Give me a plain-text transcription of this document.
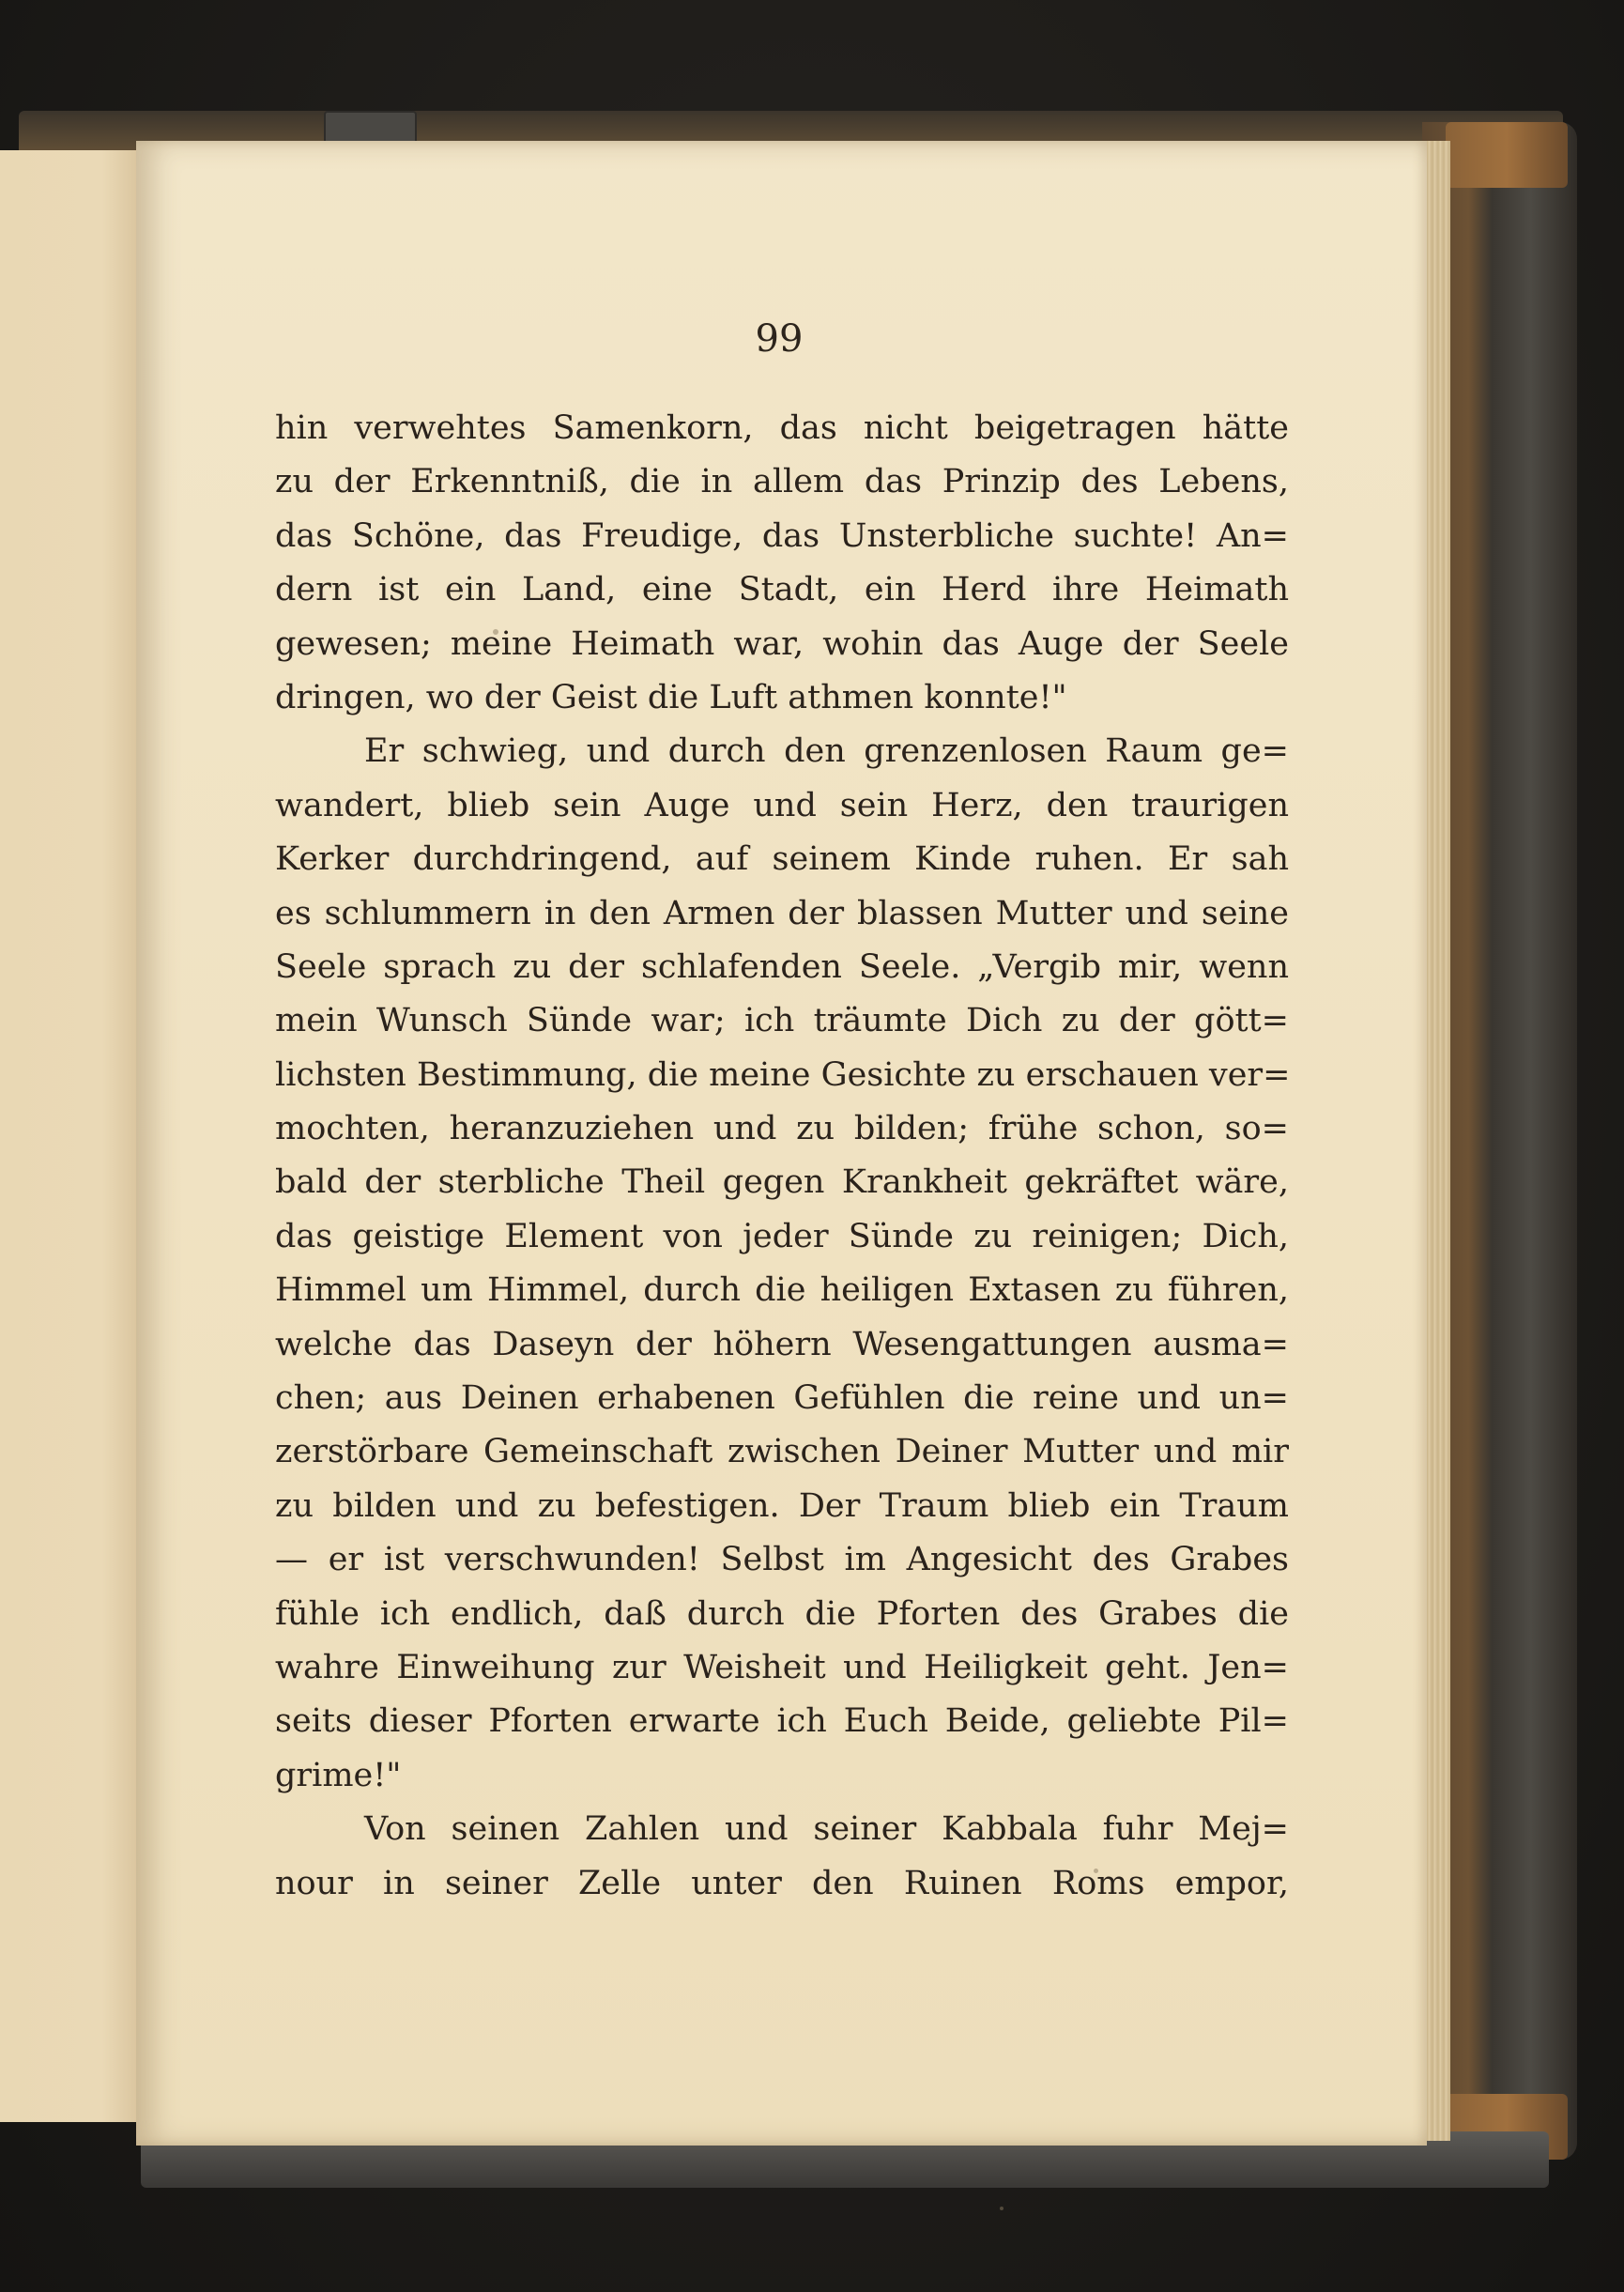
99
hin verwehtes Samenkorn, das nicht beigetragen hätte
zu der Erkenntniß, die in allem das Prinzip des Lebens,
das Schöne, das Freudige, das Unsterbliche suchte! An=
dern ist ein Land, eine Stadt, ein Herd ihre Heimath
gewesen; meine Heimath war, wohin das Auge der Seele
dringen, wo der Geist die Luft athmen konnte!"
Er schwieg, und durch den grenzenlosen Raum ge=
wandert, blieb sein Auge und sein Herz, den traurigen
Kerker durchdringend, auf seinem Kinde ruhen. Er sah
es schlummern in den Armen der blassen Mutter und seine
Seele sprach zu der schlafenden Seele. „Vergib mir, wenn
mein Wunsch Sünde war; ich träumte Dich zu der gött=
lichsten Bestimmung, die meine Gesichte zu erschauen ver=
mochten, heranzuziehen und zu bilden; frühe schon, so=
bald der sterbliche Theil gegen Krankheit gekräftet wäre,
das geistige Element von jeder Sünde zu reinigen; Dich,
Himmel um Himmel, durch die heiligen Extasen zu führen,
welche das Daseyn der höhern Wesengattungen ausma=
chen; aus Deinen erhabenen Gefühlen die reine und un=
zerstörbare Gemeinschaft zwischen Deiner Mutter und mir
zu bilden und zu befestigen. Der Traum blieb ein Traum
— er ist verschwunden! Selbst im Angesicht des Grabes
fühle ich endlich, daß durch die Pforten des Grabes die
wahre Einweihung zur Weisheit und Heiligkeit geht. Jen=
seits dieser Pforten erwarte ich Euch Beide, geliebte Pil=
grime!"
Von seinen Zahlen und seiner Kabbala fuhr Mej=
nour in seiner Zelle unter den Ruinen Roms empor,
